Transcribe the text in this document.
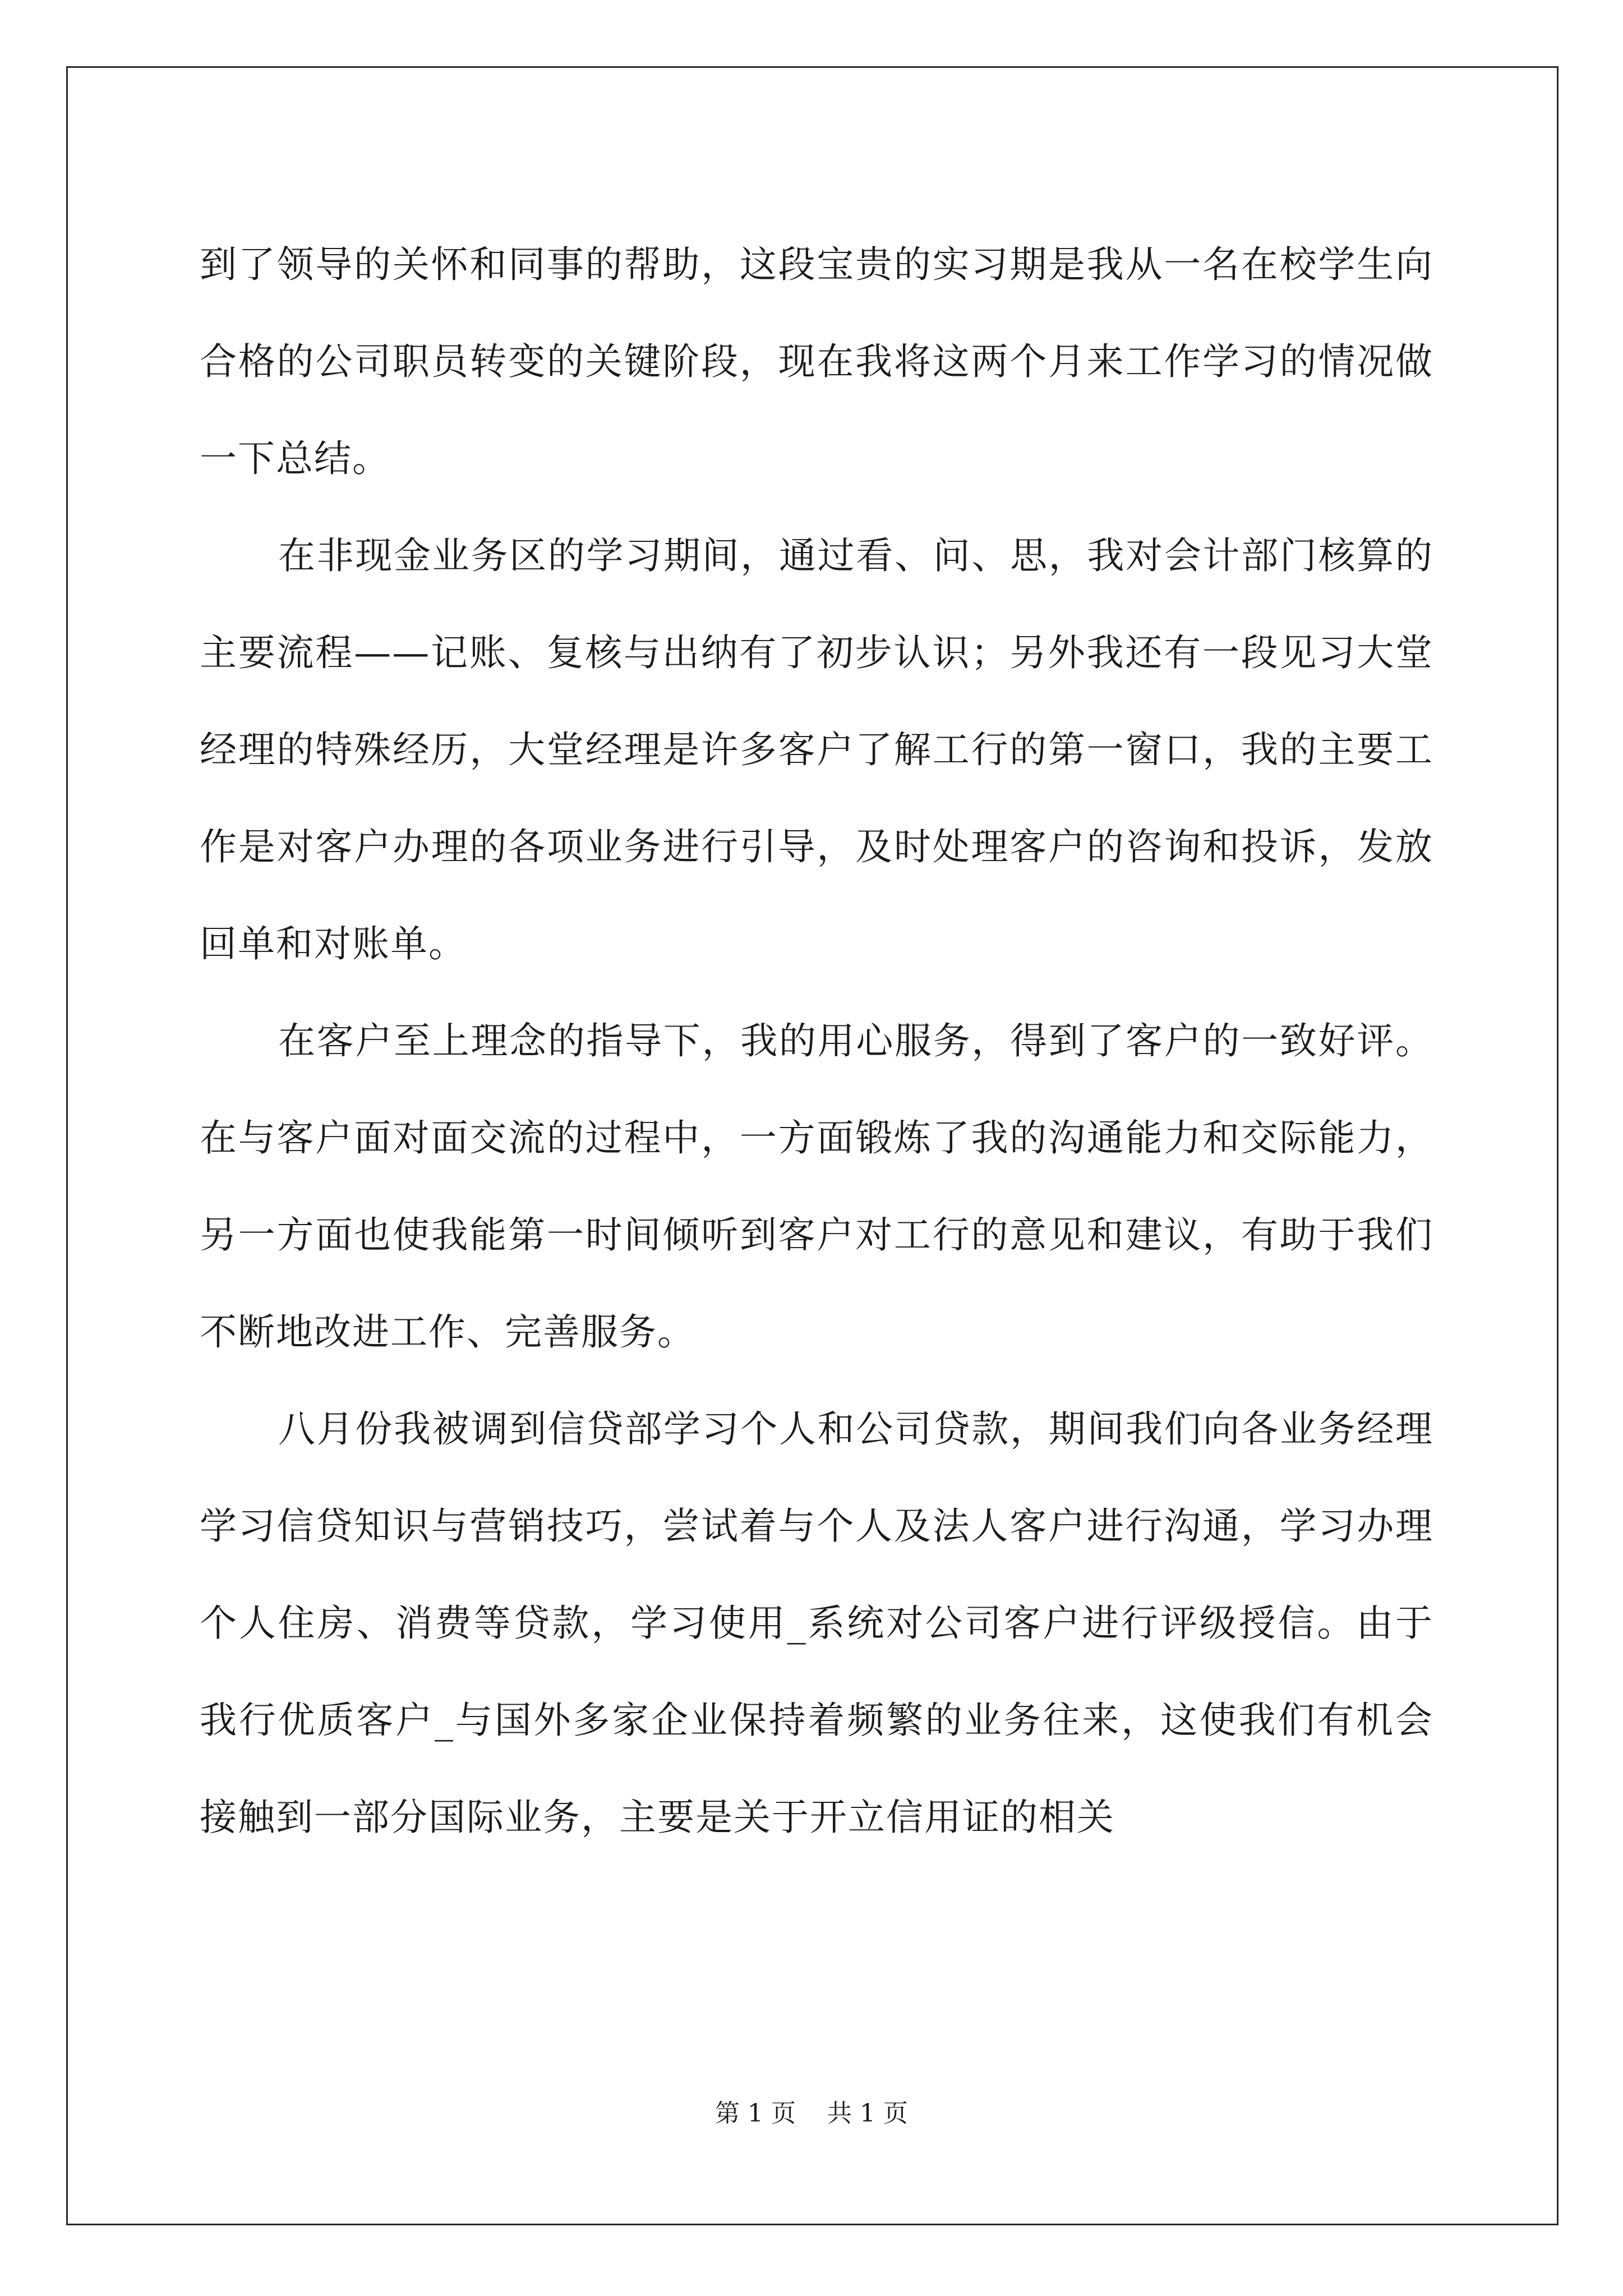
到了领导的关怀和同事的帮助，这段宝贵的实习期是我从一名在校学生向合格的公司职员转变的关键阶段，现在我将这两个月来工作学习的情况做一下总结。

在非现金业务区的学习期间，通过看、问、思，我对会计部门核算的主要流程——记账、复核与出纳有了初步认识；另外我还有一段见习大堂经理的特殊经历，大堂经理是许多客户了解工行的第一窗口，我的主要工作是对客户办理的各项业务进行引导，及时处理客户的咨询和投诉，发放回单和对账单。

在客户至上理念的指导下，我的用心服务，得到了客户的一致好评。在与客户面对面交流的过程中，一方面锻炼了我的沟通能力和交际能力，另一方面也使我能第一时间倾听到客户对工行的意见和建议，有助于我们不断地改进工作、完善服务。

八月份我被调到信贷部学习个人和公司贷款，期间我们向各业务经理学习信贷知识与营销技巧，尝试着与个人及法人客户进行沟通，学习办理个人住房、消费等贷款，学习使用_系统对公司客户进行评级授信。由于我行优质客户_与国外多家企业保持着频繁的业务往来，这使我们有机会接触到一部分国际业务，主要是关于开立信用证的相关

第 1 页    共 1 页
